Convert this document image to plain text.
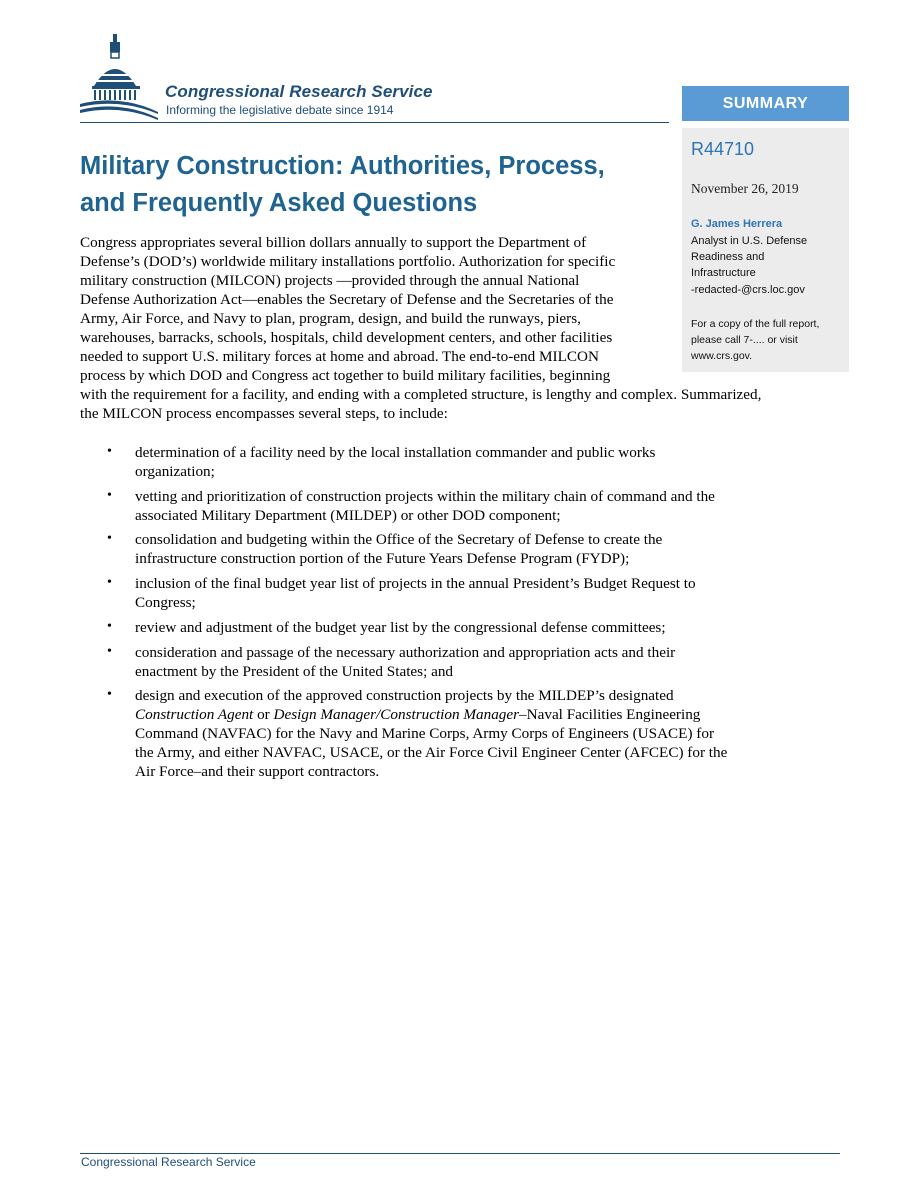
Congressional Research Service

Informing the legislative debate since 1914	SUMMARY

R44710

November 26, 2019

G. James Herrera

Analyst in U.S. Defense

Readiness and

Infrastructure

-redacted-@crs.loc.gov

For a copy of the full report,

please call 7-.... or visit

www.crs.gov.

Military Construction: Authorities, Process,
and Frequently Asked Questions

Congress appropriates several billion dollars annually to support the Department of

Defense’s (DOD’s) worldwide military installations portfolio. Authorization for specific

military construction (MILCON) projects ―provided through the annual National

Defense Authorization Act―enables the Secretary of Defense and the Secretaries of the

Army, Air Force, and Navy to plan, program, design, and build the runways, piers,

warehouses, barracks, schools, hospitals, child development centers, and other facilities

needed to support U.S. military forces at home and abroad. The end-to-end MILCON

process by which DOD and Congress act together to build military facilities, beginning

with the requirement for a facility, and ending with a completed structure, is lengthy and complex. Summarized,

the MILCON process encompasses several steps, to include:

• determination of a facility need by the local installation commander and public works

organization;

• vetting and prioritization of construction projects within the military chain of command and the

associated Military Department (MILDEP) or other DOD component;

• consolidation and budgeting within the Office of the Secretary of Defense to create the

infrastructure construction portion of the Future Years Defense Program (FYDP);

• inclusion of the final budget year list of projects in the annual President’s Budget Request to

Congress;

• review and adjustment of the budget year list by the congressional defense committees;

• consideration and passage of the necessary authorization and appropriation acts and their

enactment by the President of the United States; and

• design and execution of the approved construction projects by the MILDEP’s designated

Construction Agent or Design Manager/Construction Manager–Naval Facilities Engineering

Command (NAVFAC) for the Navy and Marine Corps, Army Corps of Engineers (USACE) for

the Army, and either NAVFAC, USACE, or the Air Force Civil Engineer Center (AFCEC) for the

Air Force–and their support contractors.

Congressional Research Service
